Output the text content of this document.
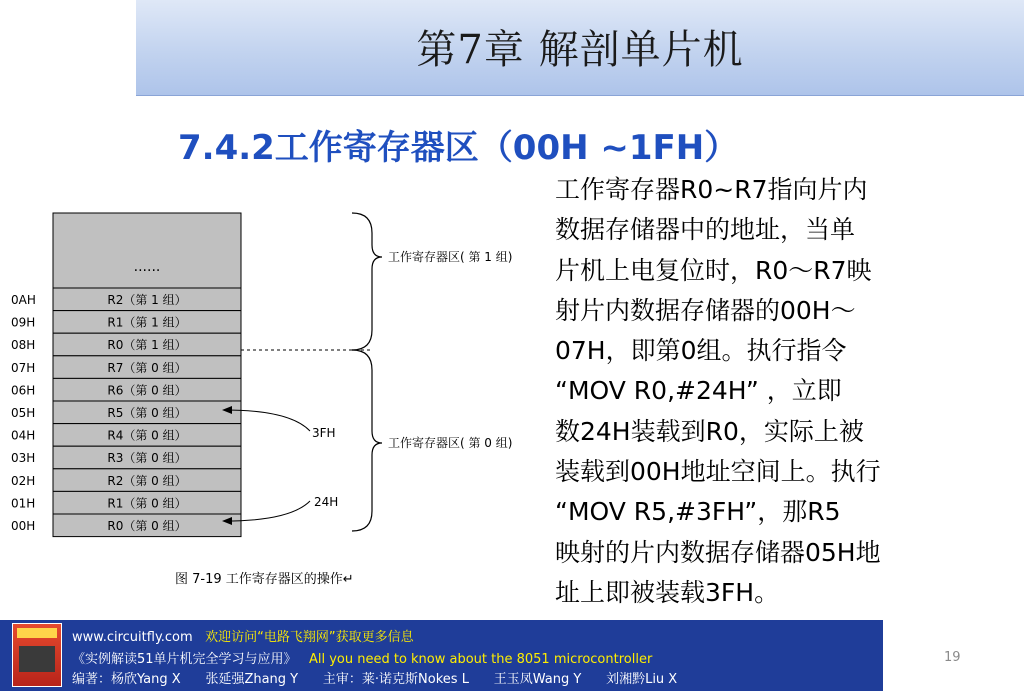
第7章 解剖单片机
7.4.2工作寄存器区（00H ~1FH）
......
R2（第 1 组）
0AH
R1（第 1 组）
09H
R0（第 1 组）
08H
R7（第 0 组）
07H
R6（第 0 组）
06H
R5（第 0 组）
05H
R4（第 0 组）
04H
R3（第 0 组）
03H
R2（第 0 组）
02H
R1（第 0 组）
01H
R0（第 0 组）
00H
工作寄存器区( 第 1 组)
工作寄存器区( 第 0 组)
3FH
24H
图 7-19 工作寄存器区的操作↵
工作寄存器R0~R7指向片内
数据存储器中的地址，当单
片机上电复位时，R0～R7映
射片内数据存储器的00H～
07H，即第0组。执行指令
“MOV R0,#24H” ，立即
数24H装载到R0，实际上被
装载到00H地址空间上。执行
“MOV R5,#3FH”，那R5
映射的片内数据存储器05H地
址上即被装载3FH。
www.circuitfly.com 欢迎访问“电路飞翔网”获取更多信息
《实例解读51单片机完全学习与应用》 All you need to know about the 8051 microcontroller
编著：杨欣Yang X      张延强Zhang Y      主审：莱·诺克斯Nokes L      王玉凤Wang Y      刘湘黔Liu X
19
